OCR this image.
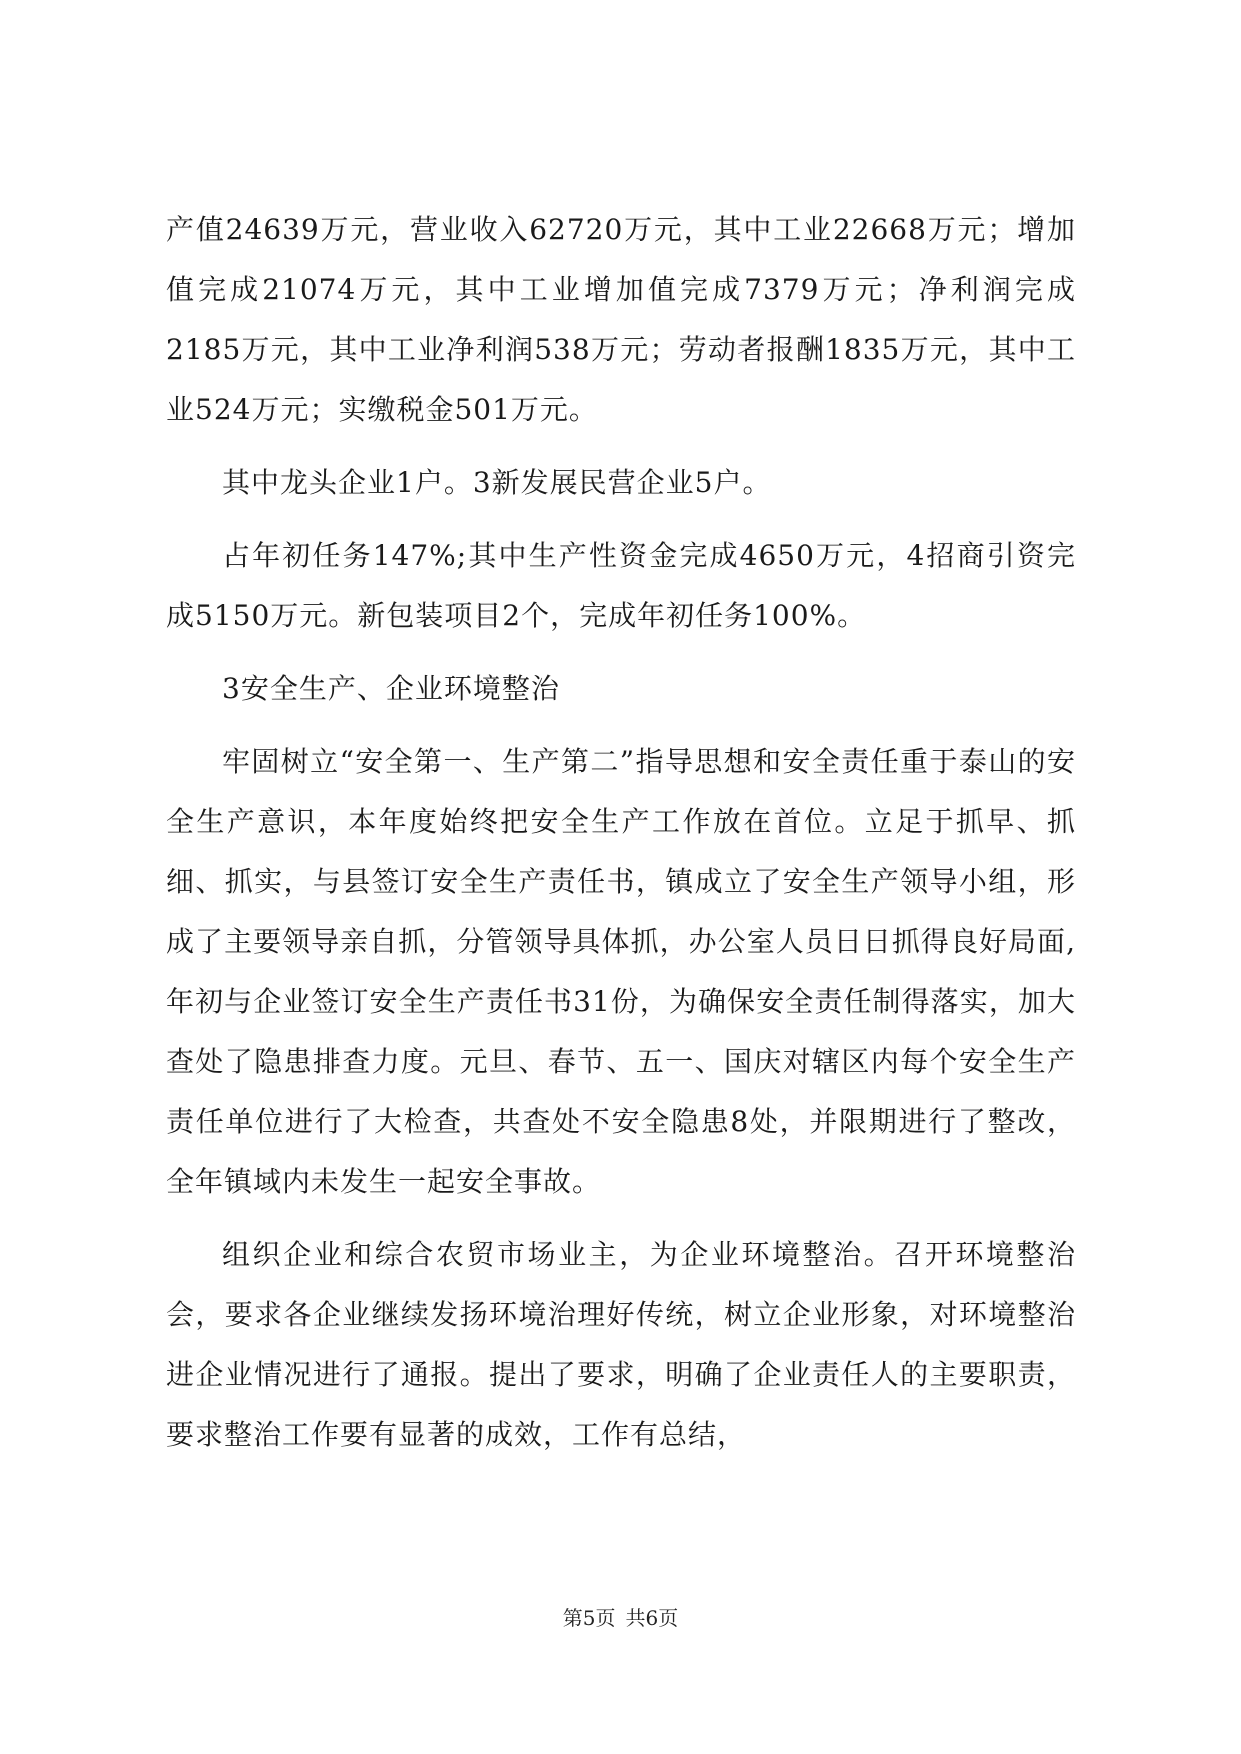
产值24639万元，营业收入62720万元，其中工业22668万元；增加值完成21074万元，其中工业增加值完成7379万元；净利润完成2185万元，其中工业净利润538万元；劳动者报酬1835万元，其中工业524万元；实缴税金501万元。

其中龙头企业1户。3新发展民营企业5户。

占年初任务147%;其中生产性资金完成4650万元，4招商引资完成5150万元。新包装项目2个，完成年初任务100%。

3安全生产、企业环境整治

牢固树立“安全第一、生产第二”指导思想和安全责任重于泰山的安全生产意识，本年度始终把安全生产工作放在首位。立足于抓早、抓细、抓实，与县签订安全生产责任书，镇成立了安全生产领导小组，形成了主要领导亲自抓，分管领导具体抓，办公室人员日日抓得良好局面,年初与企业签订安全生产责任书31份，为确保安全责任制得落实，加大查处了隐患排查力度。元旦、春节、五一、国庆对辖区内每个安全生产责任单位进行了大检查，共查处不安全隐患8处，并限期进行了整改，全年镇域内未发生一起安全事故。

组织企业和综合农贸市场业主，为企业环境整治。召开环境整治会，要求各企业继续发扬环境治理好传统，树立企业形象，对环境整治进企业情况进行了通报。提出了要求，明确了企业责任人的主要职责，要求整治工作要有显著的成效，工作有总结，

第5页 共6页
